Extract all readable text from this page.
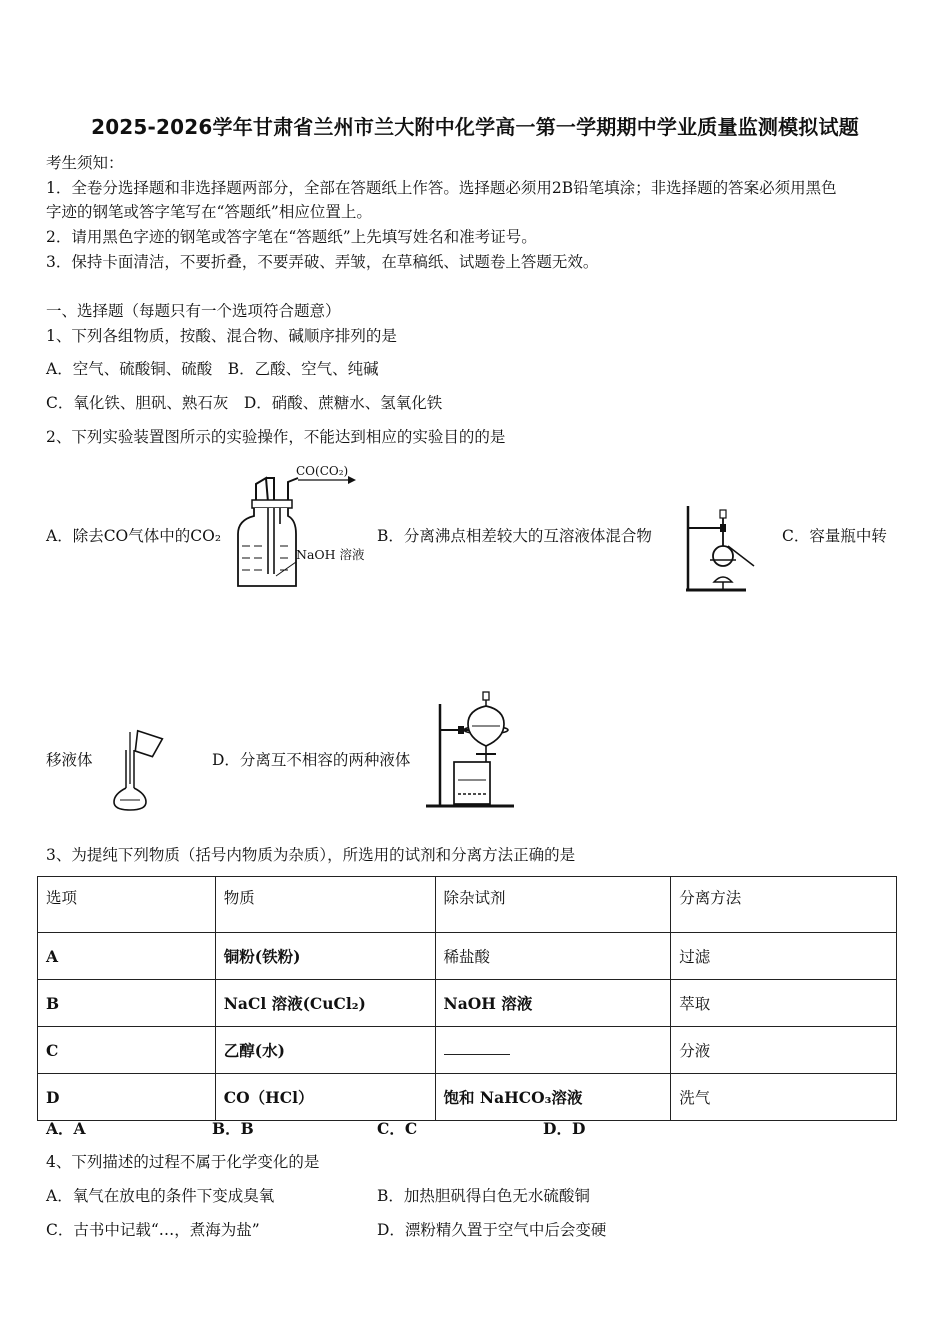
2025-2026学年甘肃省兰州市兰大附中化学高一第一学期期中学业质量监测模拟试题
考生须知：
1．全卷分选择题和非选择题两部分，全部在答题纸上作答。选择题必须用2B铅笔填涂；非选择题的答案必须用黑色
字迹的钢笔或答字笔写在“答题纸”相应位置上。
2．请用黑色字迹的钢笔或答字笔在“答题纸”上先填写姓名和准考证号。
3．保持卡面清洁，不要折叠，不要弄破、弄皱，在草稿纸、试题卷上答题无效。
一、选择题（每题只有一个选项符合题意）
1、下列各组物质，按酸、混合物、碱顺序排列的是
A．空气、硫酸铜、硫酸　B．乙酸、空气、纯碱
C．氧化铁、胆矾、熟石灰　D．硝酸、蔗糖水、氢氧化铁
2、下列实验装置图所示的实验操作，不能达到相应的实验目的的是
A．除去CO气体中的CO₂
CO(CO₂)
NaOH 溶液
B．分离沸点相差较大的互溶液体混合物	C．容量瓶中转
移液体	D．分离互不相容的两种液体
3、为提纯下列物质（括号内物质为杂质），所选用的试剂和分离方法正确的是
选项	物质	除杂试剂	分离方法
A	铜粉(铁粉)	稀盐酸	过滤
B	NaCl 溶液(CuCl₂)	NaOH 溶液	萃取
C	乙醇(水)		分液
D	CO（HCl）	饱和 NaHCO₃溶液	洗气
A．A	B．B	C．C	D．D
4、下列描述的过程不属于化学变化的是
A．氧气在放电的条件下变成臭氧	B．加热胆矾得白色无水硫酸铜
C．古书中记载“…，煮海为盐”	D．漂粉精久置于空气中后会变硬
